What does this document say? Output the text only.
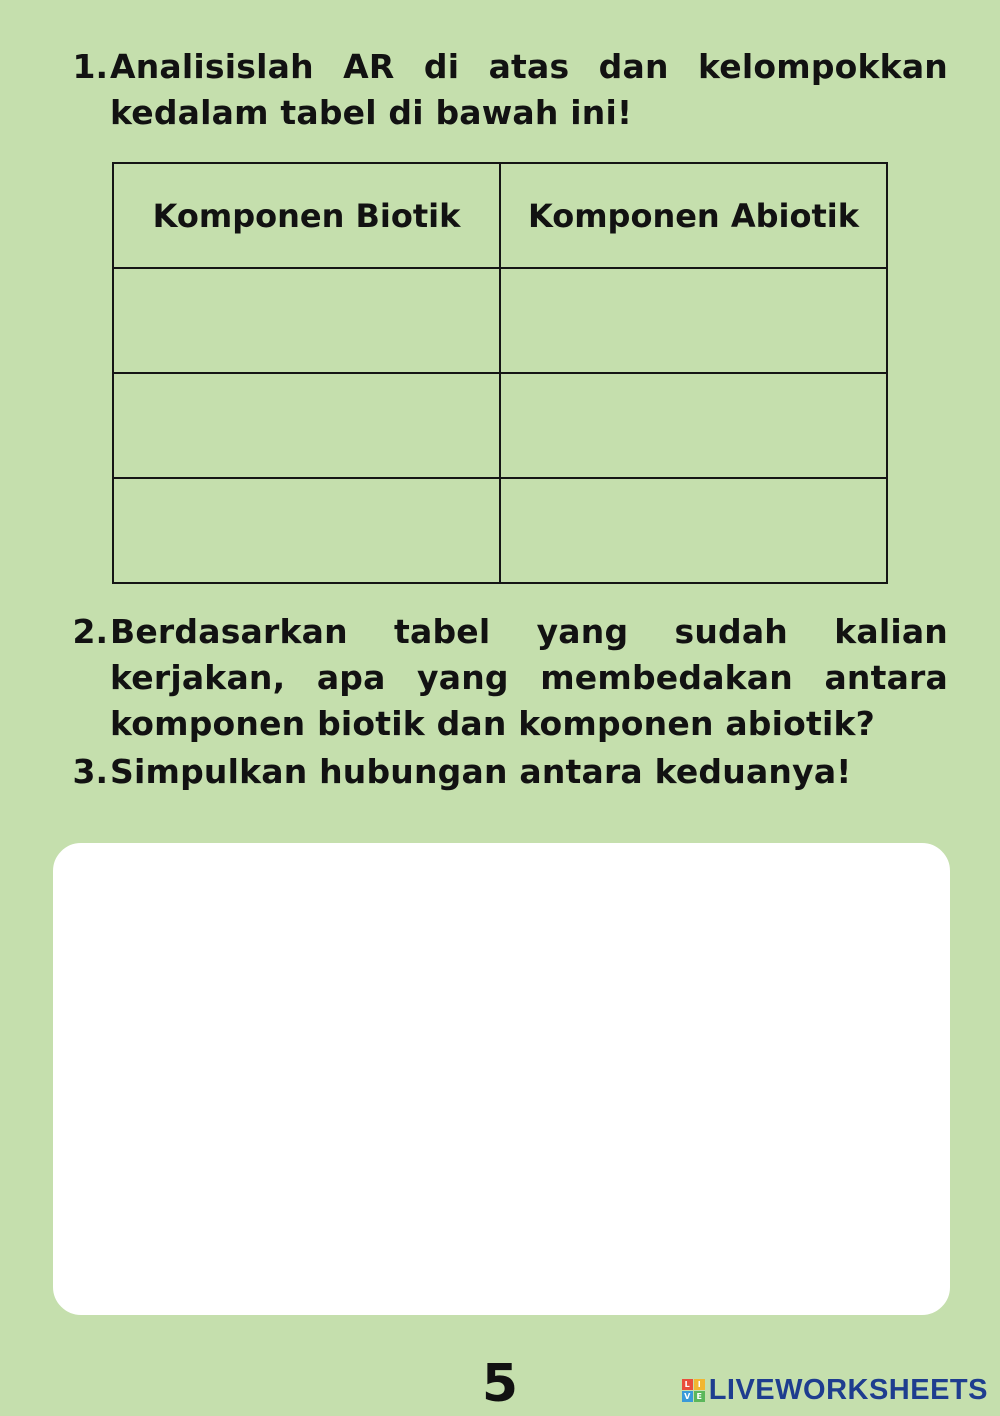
1. Analisislah AR di atas dan kelompokkan kedalam tabel di bawah ini!
Komponen Biotik	Komponen Abiotik

2. Berdasarkan tabel yang sudah kalian kerjakan, apa yang membedakan antara komponen biotik dan komponen abiotik?
3. Simpulkan hubungan antara keduanya!
5	L I
V E LIVEWORKSHEETS
